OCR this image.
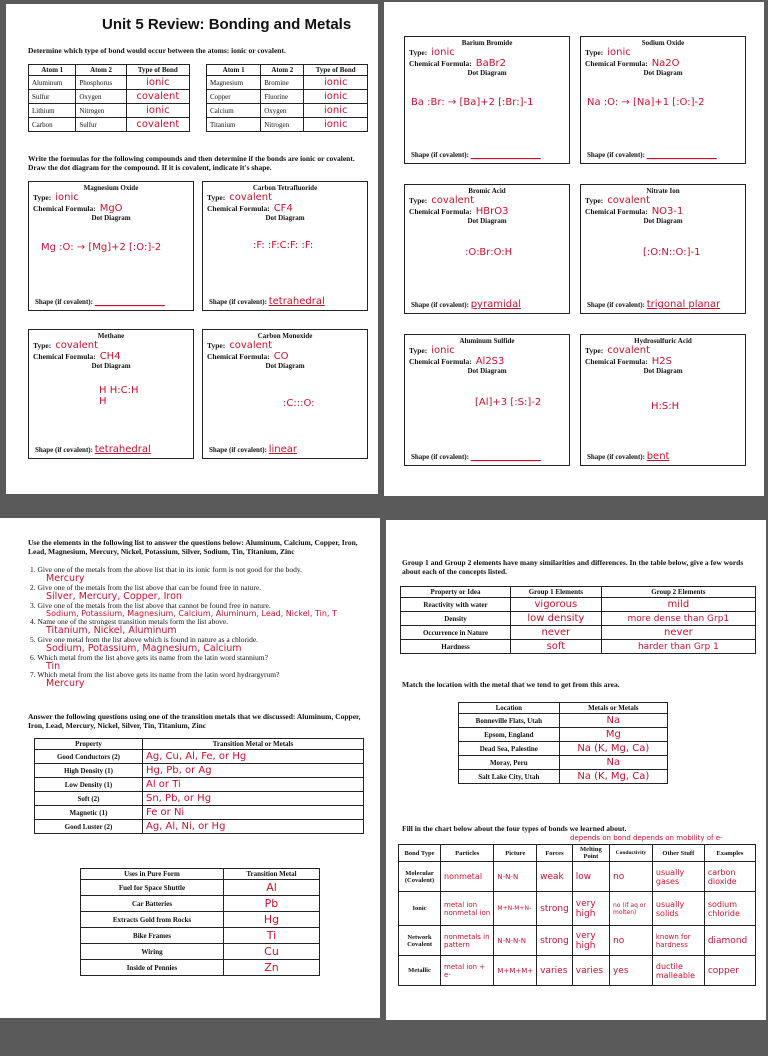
Unit 5 Review: Bonding and Metals
Determine which type of bond would occur between the atoms: ionic or covalent.
Atom 1	Atom 2	Type of Bond
Aluminum	Phosphorus	ionic
Sulfur	Oxygen	covalent
Lithium	Nitrogen	ionic
Carbon	Sulfur	covalent
Atom 1	Atom 2	Type of Bond
Magnesium	Bromine	ionic
Copper	Fluorine	ionic
Calcium	Oxygen	ionic
Titanium	Nitrogen	ionic
Write the formulas for the following compounds and then determine if the bonds are ionic or covalent. Draw the dot diagram for the compound. If it is covalent, indicate it's shape.
Magnesium Oxide
Type: ionic
Chemical Formula: MgO
Dot Diagram
Mg :O: → [Mg]+2 [:O:]-2
Shape (if covalent): ______________
Carbon Tetrafluoride
Type: covalent
Chemical Formula: CF4
Dot Diagram
:F: :F:C:F: :F:
Shape (if covalent): tetrahedral
Methane
Type: covalent
Chemical Formula: CH4
Dot Diagram
H H:C:H H
Shape (if covalent): tetrahedral
Carbon Monoxide
Type: covalent
Chemical Formula: CO
Dot Diagram
:C:::O:
Shape (if covalent): linear
Barium Bromide
Type: ionic
Chemical Formula: BaBr2
Dot Diagram
Ba :Br: → [Ba]+2 [:Br:]-1
Shape (if covalent): ______________
Sodium Oxide
Type: ionic
Chemical Formula: Na2O
Dot Diagram
Na :O: → [Na]+1 [:O:]-2
Shape (if covalent): ______________
Bromic Acid
Type: covalent
Chemical Formula: HBrO3
Dot Diagram
:O:Br:O:H
Shape (if covalent): pyramidal
Nitrate Ion
Type: covalent
Chemical Formula: NO3-1
Dot Diagram
[:O:N::O:]-1
Shape (if covalent): trigonal planar
Aluminum Sulfide
Type: ionic
Chemical Formula: Al2S3
Dot Diagram
[Al]+3 [:S:]-2
Shape (if covalent): ______________
Hydrosulfuric Acid
Type: covalent
Chemical Formula: H2S
Dot Diagram
H:S:H
Shape (if covalent): bent
Use the elements in the following list to answer the questions below: Aluminum, Calcium, Copper, Iron, Lead, Magnesium, Mercury, Nickel, Potassium, Silver, Sodium, Tin, Titanium, Zinc
1. Give one of the metals from the above list that in its ionic form is not good for the body.
Mercury
2. Give one of the metals from the list above that can be found free in nature.
Silver, Mercury, Copper, Iron
3. Give one of the metals from the list above that cannot be found free in nature.
Sodium, Potassium, Magnesium, Calcium, Aluminum, Lead, Nickel, Tin, T
4. Name one of the strongest transition metals form the list above.
Titanium, Nickel, Aluminum
5. Give one metal from the list above which is found in nature as a chloride.
Sodium, Potassium, Magnesium, Calcium
6. Which metal from the list above gets its name from the latin word stannium?
Tin
7. Which metal from the list above gets its name from the latin word hydrargyrum?
Mercury
Answer the following questions using one of the transition metals that we discussed: Aluminum, Copper, Iron, Lead, Mercury, Nickel, Silver, Tin, Titanium, Zinc
Property	Transition Metal or Metals
Good Conductors (2)	Ag, Cu, Al, Fe, or Hg
High Density (1)	Hg, Pb, or Ag
Low Density (1)	Al or Ti
Soft (2)	Sn, Pb, or Hg
Magnetic (1)	Fe or Ni
Good Luster (2)	Ag, Al, Ni, or Hg
Uses in Pure Form	Transition Metal
Fuel for Space Shuttle	Al
Car Batteries	Pb
Extracts Gold from Rocks	Hg
Bike Frames	Ti
Wiring	Cu
Inside of Pennies	Zn
Group 1 and Group 2 elements have many similarities and differences. In the table below, give a few words about each of the concepts listed.
Property or Idea	Group 1 Elements	Group 2 Elements
Reactivity with water	vigorous	mild
Density	low density	more dense than Grp1
Occurrence in Nature	never	never
Hardness	soft	harder than Grp 1
Match the location with the metal that we tend to get from this area.
Location	Metals or Metals
Bonneville Flats, Utah	Na
Epsom, England	Mg
Dead Sea, Palestine	Na (K, Mg, Ca)
Moray, Peru	Na
Salt Lake City, Utah	Na (K, Mg, Ca)
Fill in the chart below about the four types of bonds we learned about.
depends on bond depends on mobility of e-
Bond Type	Particles	Picture	Forces	Melting Point	Conductivity	Other Stuff	Examples
Molecular (Covalent)	nonmetal	N-N-N	weak	low	no	usually gases	carbon dioxide
Ionic	metal ion nonmetal ion	M+N-M+N-	strong	very high	no (if aq or molten)	usually solids	sodium chloride
Network Covalent	nonmetals in pattern	N-N-N-N	strong	very high	no	known for hardness	diamond
Metallic	metal ion + e-	M+M+M+	varies	varies	yes	ductile malleable	copper
